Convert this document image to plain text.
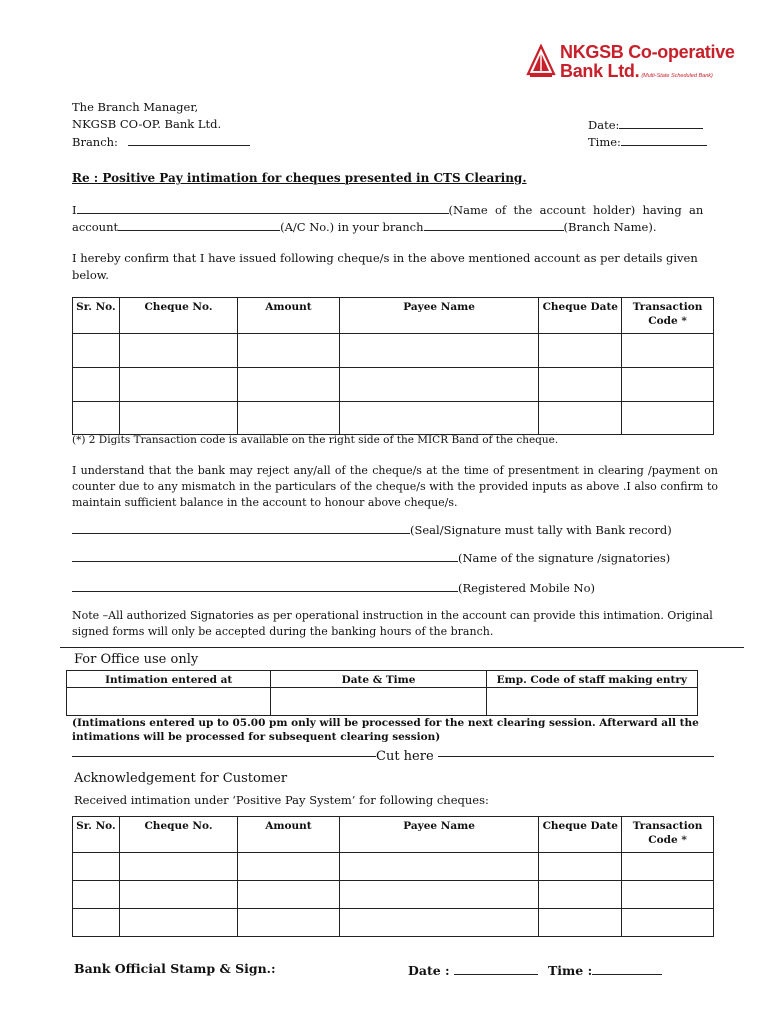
NKGSB Co-operative
Bank Ltd. (Multi-State Scheduled Bank)
The Branch Manager,
NKGSB CO-OP. Bank Ltd.
Branch:
Date:
Time:
Re : Positive Pay intimation for cheques presented in CTS Clearing.
I	(Name  of  the  account  holder)  having  an
account	(A/C No.) in your branch	(Branch Name).
I hereby confirm that I have issued following cheque/s in the above mentioned account as per details given below.
Sr. No.	Cheque No.	Amount	Payee Name	Cheque Date	Transaction Code *

(*) 2 Digits Transaction code is available on the right side of the MICR Band of the cheque.
I understand that the bank may reject any/all of the cheque/s at the time of presentment in clearing /payment on counter due to any mismatch in the particulars of the cheque/s with the provided inputs as above .I also confirm to maintain sufficient balance in the account to honour above cheque/s.
(Seal/Signature must tally with Bank record)
(Name of the signature /signatories)
(Registered Mobile No)
Note –All authorized Signatories as per operational instruction in the account can provide this intimation. Original signed forms will only be accepted during the banking hours of the branch.
For Office use only
Intimation entered at	Date & Time	Emp. Code of staff making entry

(Intimations entered up to 05.00 pm only will be processed for the next clearing session. Afterward all the intimations will be processed for subsequent clearing session)
Cut here
Acknowledgement for Customer
Received intimation under ‘Positive Pay System’ for following cheques:
Sr. No.	Cheque No.	Amount	Payee Name	Cheque Date	Transaction Code *

Bank Official Stamp & Sign.:	Date :	Time :
